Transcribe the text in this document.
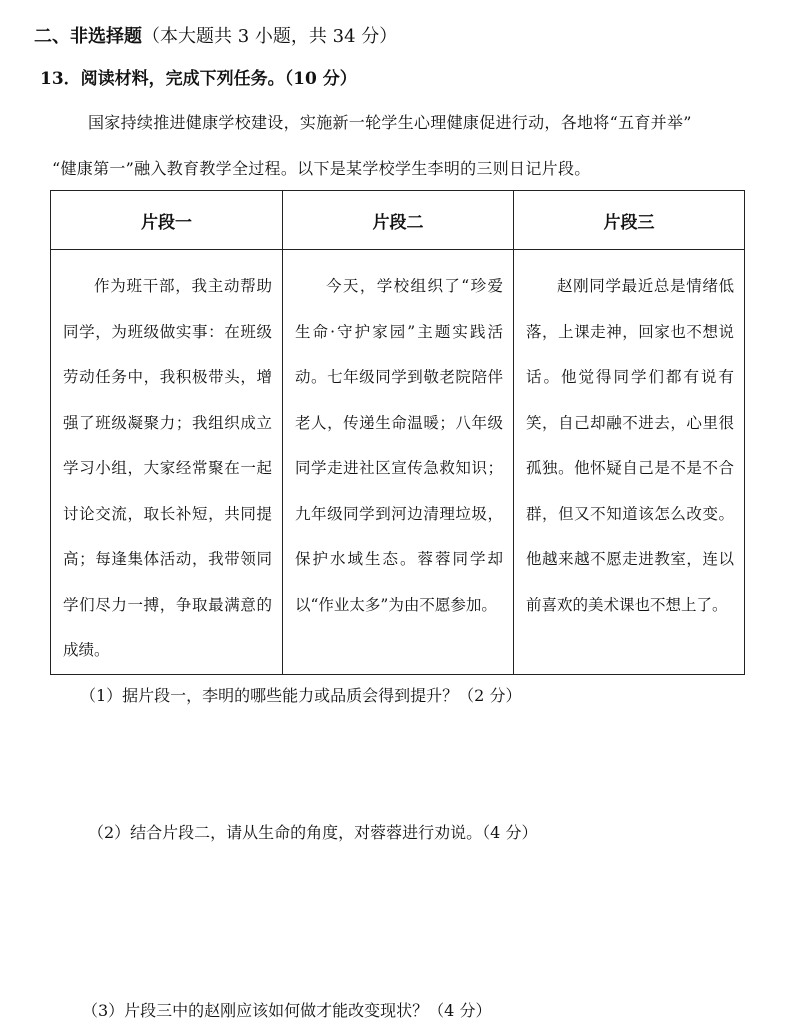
二、非选择题（本大题共 3 小题，共 34 分）
13．阅读材料，完成下列任务。（10 分）
国家持续推进健康学校建设，实施新一轮学生心理健康促进行动，各地将“五育并举”
“健康第一”融入教育教学全过程。以下是某学校学生李明的三则日记片段。
片段一	片段二	片段三
作为班干部，我主动帮助同学，为班级做实事：在班级劳动任务中，我积极带头，增强了班级凝聚力；我组织成立学习小组，大家经常聚在一起讨论交流，取长补短，共同提高；每逢集体活动，我带领同学们尽力一搏，争取最满意的成绩。	今天，学校组织了“珍爱生命·守护家园”主题实践活动。七年级同学到敬老院陪伴老人，传递生命温暖；八年级同学走进社区宣传急救知识；九年级同学到河边清理垃圾，保护水域生态。蓉蓉同学却以“作业太多”为由不愿参加。	赵刚同学最近总是情绪低落，上课走神，回家也不想说话。他觉得同学们都有说有笑，自己却融不进去，心里很孤独。他怀疑自己是不是不合群，但又不知道该怎么改变。他越来越不愿走进教室，连以前喜欢的美术课也不想上了。
（1）据片段一，李明的哪些能力或品质会得到提升？（2 分）
（2）结合片段二，请从生命的角度，对蓉蓉进行劝说。（4 分）
（3）片段三中的赵刚应该如何做才能改变现状？（4 分）
